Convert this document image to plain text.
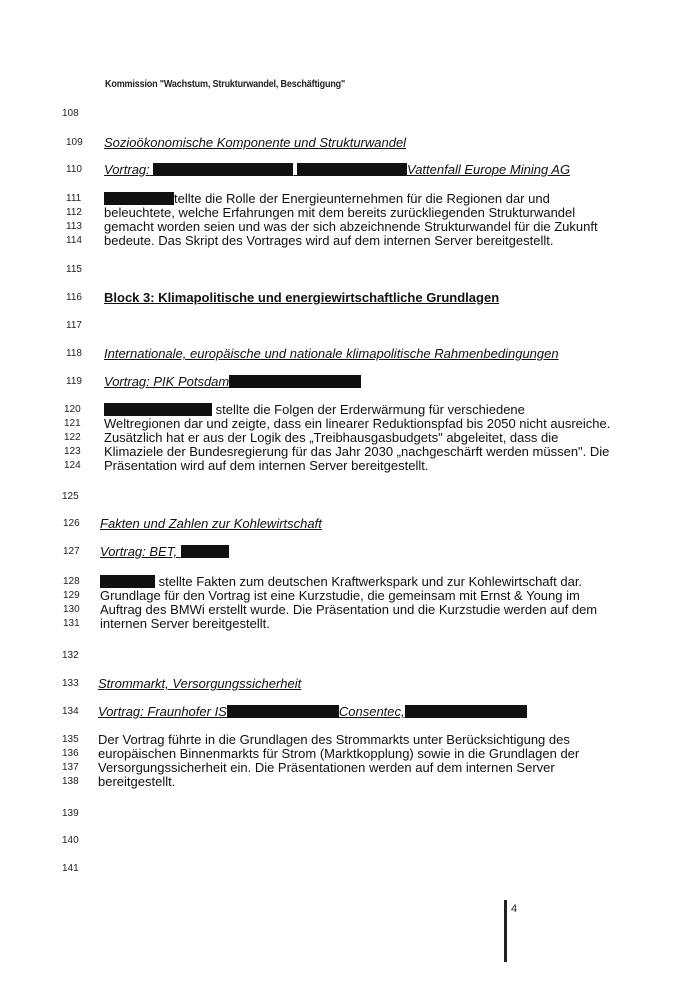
Kommission "Wachstum, Strukturwandel, Beschäftigung"
108
109
110
111
112
113
114
115
116
117
118
119
120
121
122
123
124
125
126
127
128
129
130
131
132
133
134
135
136
137
138
139
140
141
Sozioökonomische Komponente und Strukturwandel
Vortrag:	Vattenfall Europe Mining AG
tellte die Rolle der Energieunternehmen für die Regionen dar und
beleuchtete, welche Erfahrungen mit dem bereits zurückliegenden Strukturwandel
gemacht worden seien und was der sich abzeichnende Strukturwandel für die Zukunft
bedeute. Das Skript des Vortrages wird auf dem internen Server bereitgestellt.
Block 3: Klimapolitische und energiewirtschaftliche Grundlagen
Internationale, europäische und nationale klimapolitische Rahmenbedingungen
Vortrag: PIK Potsdam
stellte die Folgen der Erderwärmung für verschiedene
Weltregionen dar und zeigte, dass ein linearer Reduktionspfad bis 2050 nicht ausreiche.
Zusätzlich hat er aus der Logik des „Treibhausgasbudgets" abgeleitet, dass die
Klimaziele der Bundesregierung für das Jahr 2030 „nachgeschärft werden müssen". Die
Präsentation wird auf dem internen Server bereitgestellt.
Fakten und Zahlen zur Kohlewirtschaft
Vortrag: BET,
stellte Fakten zum deutschen Kraftwerkspark und zur Kohlewirtschaft dar.
Grundlage für den Vortrag ist eine Kurzstudie, die gemeinsam mit Ernst & Young im
Auftrag des BMWi erstellt wurde. Die Präsentation und die Kurzstudie werden auf dem
internen Server bereitgestellt.
Strommarkt, Versorgungssicherheit
Vortrag: Fraunhofer IS	Consentec,
Der Vortrag führte in die Grundlagen des Strommarkts unter Berücksichtigung des
europäischen Binnenmarkts für Strom (Marktkopplung) sowie in die Grundlagen der
Versorgungssicherheit ein. Die Präsentationen werden auf dem internen Server
bereitgestellt.
4
